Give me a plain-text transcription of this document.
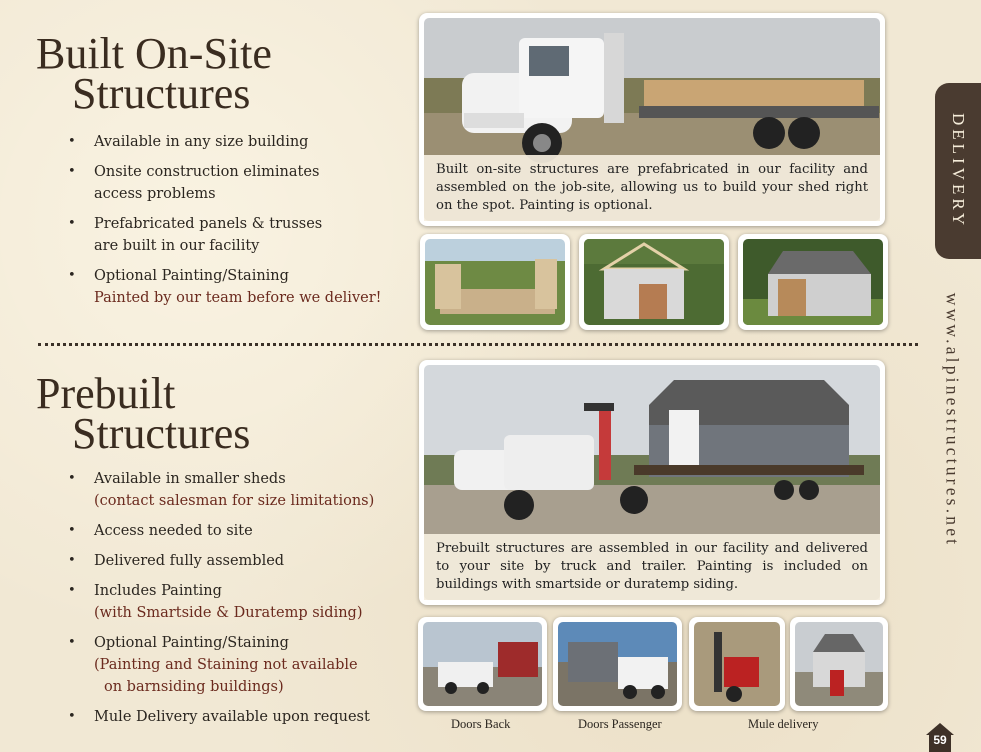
Built On-Site
Structures
• Available in any size building
• Onsite construction eliminates
access problems
• Prefabricated panels & trusses
are built in our facility
• Optional Painting/Staining
Painted by our team before we deliver!
Built on-site structures are prefabricated in our facility and assembled on the job-site, allowing us to build your shed right on the spot. Painting is optional.
Prebuilt
Structures
• Available in smaller sheds
(contact salesman for size limitations)
• Access needed to site
• Delivered fully assembled
• Includes Painting
(with Smartside & Duratemp siding)
• Optional Painting/Staining
(Painting and Staining not available
on barnsiding buildings)
• Mule Delivery available upon request
Prebuilt structures are assembled in our facility and delivered to your site by truck and trailer. Painting is included on buildings with smartside or duratemp siding.
Doors Back	Doors Passenger	Mule delivery
DELIVERY
www.alpinestructures.net
59
